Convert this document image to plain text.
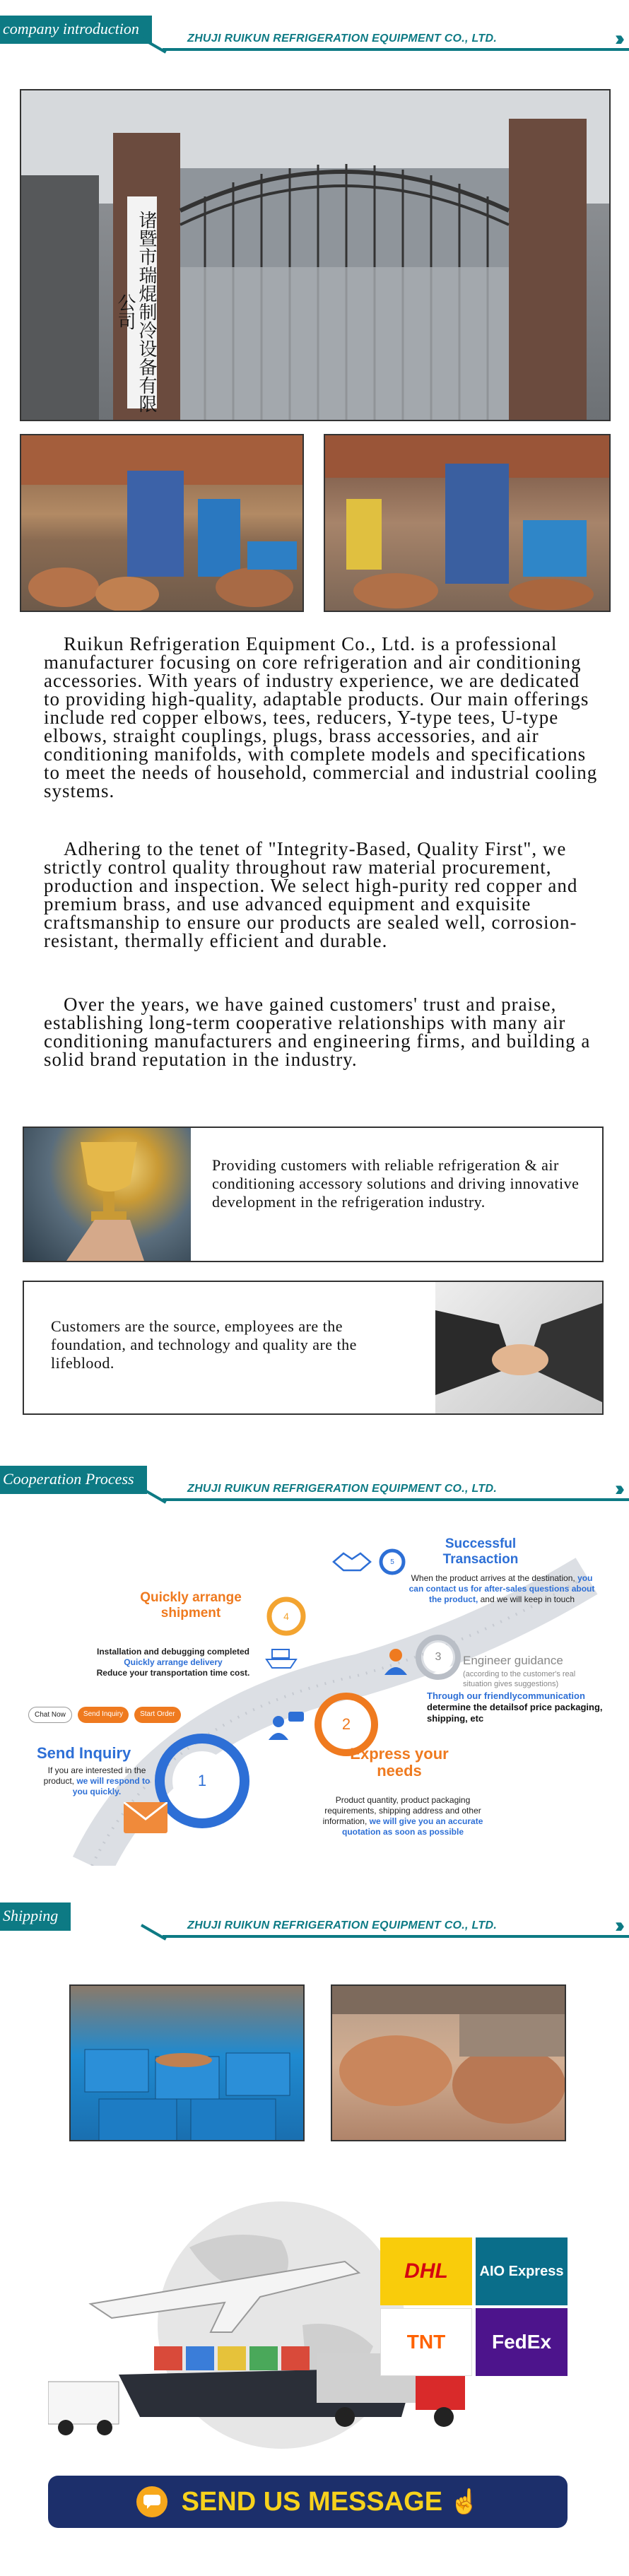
company introduction
ZHUJI RUIKUN REFRIGERATION EQUIPMENT CO., LTD.	›››
诸暨市瑞焜制冷设备有限公司

Ruikun Refrigeration Equipment Co., Ltd. is a professional manufacturer focusing on core refrigeration and air conditioning accessories. With years of industry experience, we are dedicated to providing high-quality, adaptable products. Our main offerings include red copper elbows, tees, reducers, Y-type tees, U-type elbows, straight couplings, plugs, brass accessories, and air conditioning manifolds, with complete models and specifications to meet the needs of household, commercial and industrial cooling systems.

Adhering to the tenet of "Integrity-Based, Quality First", we strictly control quality throughout raw material procurement, production and inspection. We select high-purity red copper and premium brass, and use advanced equipment and exquisite craftsmanship to ensure our products are sealed well, corrosion-resistant, thermally efficient and durable.

Over the years, we have gained customers' trust and praise, establishing long-term cooperative relationships with many air conditioning manufacturers and engineering firms, and building a solid brand reputation in the industry.

Providing customers with reliable refrigeration & air conditioning accessory solutions and driving innovative development in the refrigeration industry.
Customers are the source, employees are the foundation, and technology and quality are the lifeblood.
Cooperation Process
ZHUJI RUIKUN REFRIGERATION EQUIPMENT CO., LTD.	›››
1
2
3
4
5
Chat Now	Send Inquiry	Start Order
Send Inquiry
If you are interested in the product, we will respond to you quickly.
Express your needs
Product quantity, product packaging requirements, shipping address and other information, we will give you an accurate quotation as soon as possible
Engineer guidance
(according to the customer's real situation gives suggestions)
Through our friendlycommunication
determine the detailsof price packaging, shipping, etc
Quickly arrange shipment
Installation and debugging completed
Quickly arrange delivery
Reduce your transportation time cost.
Successful Transaction
When the product arrives at the destination, you can contact us for after-sales questions about the product, and we will keep in touch
Shipping
ZHUJI RUIKUN REFRIGERATION EQUIPMENT CO., LTD.	›››
DHL	AIO Express
TNT	FedEx
SEND US MESSAGE ☝
